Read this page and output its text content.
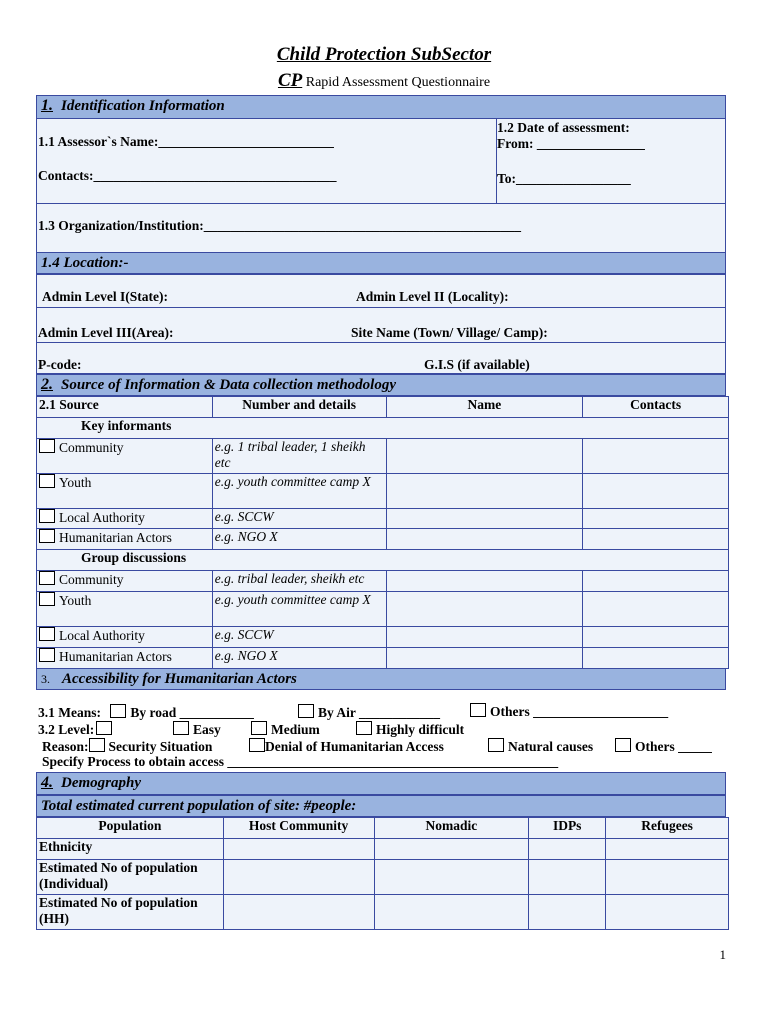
Child Protection SubSector
CP Rapid Assessment Questionnaire
1. Identification Information
1.1 Assessor`s Name:__________________________
Contacts:____________________________________
1.2 Date of assessment:
From: ________________
To:_________________
1.3 Organization/Institution:_______________________________________________
1.4 Location:-
Admin Level I(State):	Admin Level II (Locality):
Admin Level III(Area):	Site Name (Town/ Village/ Camp):
P-code:	G.I.S (if available)
2. Source of Information & Data collection methodology
2.1 Source	Number and details	Name	Contacts
Key informants			
Community	e.g. 1 tribal leader, 1 sheikh etc		
Youth	e.g. youth committee camp X		
Local Authority	e.g. SCCW		
Humanitarian Actors	e.g. NGO X		
Group discussions			
Community	e.g. tribal leader, sheikh etc		
Youth	e.g. youth committee camp X		
Local Authority	e.g. SCCW		
Humanitarian Actors	e.g. NGO X		
3. Accessibility for Humanitarian Actors
3.1 Means: By road ___________	By Air ____________	Others ____________________
3.2 Level:	Easy	Medium	Highly difficult
Reason: Security Situation	Denial of Humanitarian Access	Natural causes	Others _____
Specify Process to obtain access _________________________________________________
4. Demography
Total estimated current population of site: #people:
Population	Host Community	Nomadic	IDPs	Refugees
Ethnicity				
Estimated No of population (Individual)				
Estimated No of population (HH)				
1
